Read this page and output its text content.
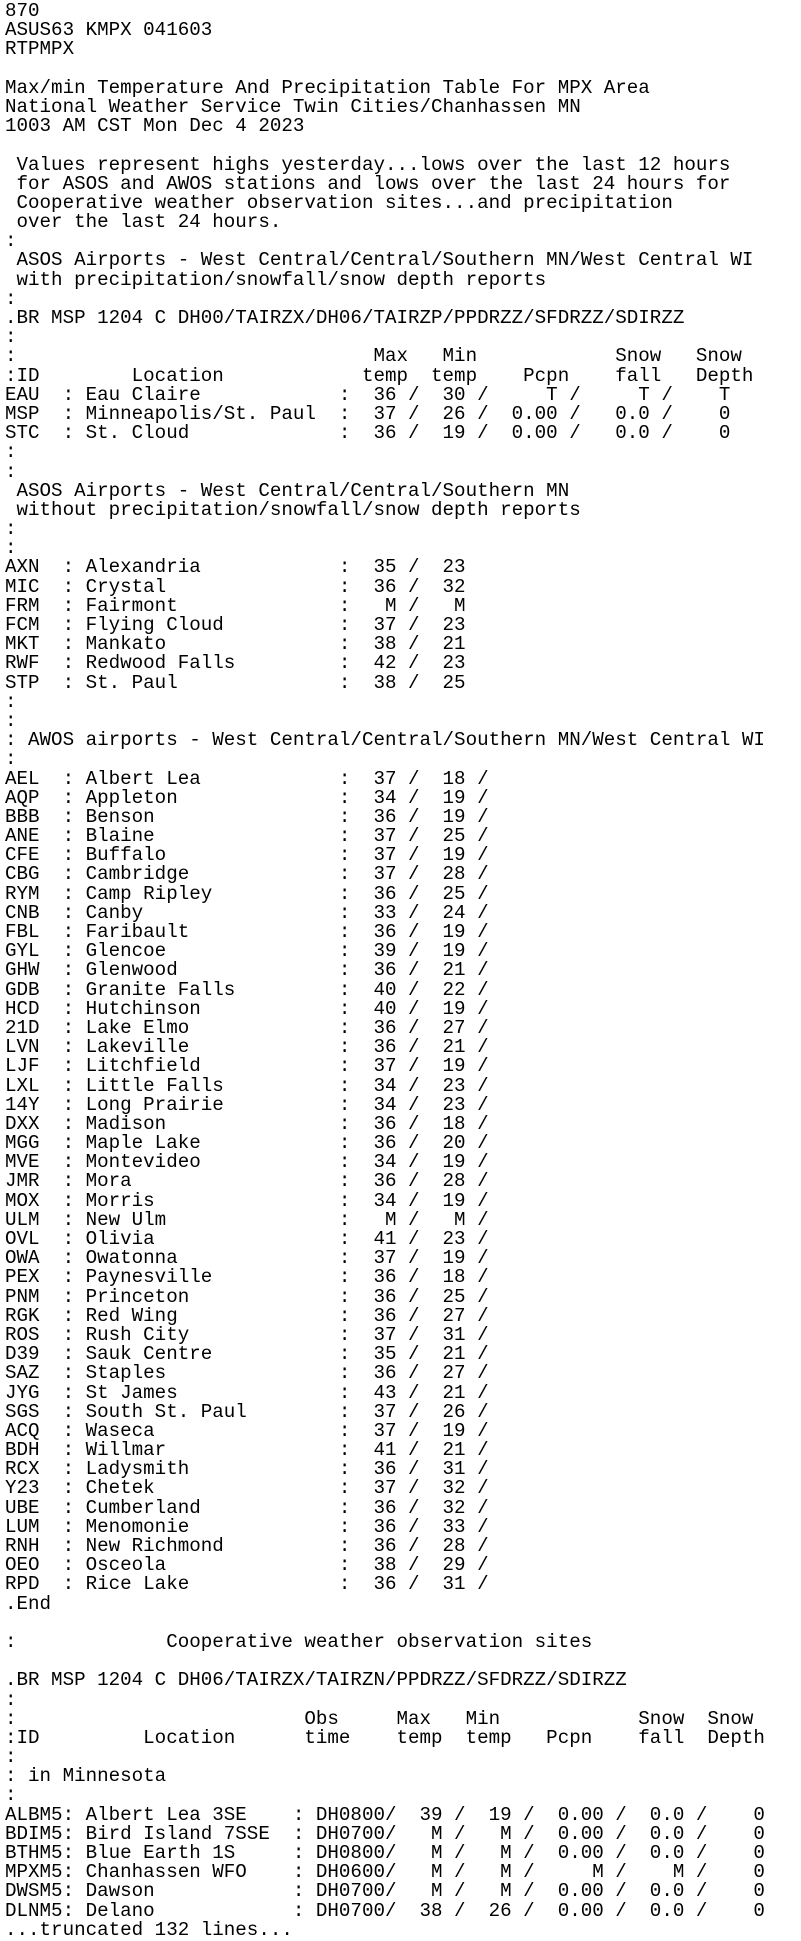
870
ASUS63 KMPX 041603
RTPMPX
Max/min Temperature And Precipitation Table For MPX Area
National Weather Service Twin Cities/Chanhassen MN
1003 AM CST Mon Dec 4 2023
Values represent highs yesterday...lows over the last 12 hours
for ASOS and AWOS stations and lows over the last 24 hours for
Cooperative weather observation sites...and precipitation
over the last 24 hours.
:
ASOS Airports - West Central/Central/Southern MN/West Central WI
with precipitation/snowfall/snow depth reports
:
.BR MSP 1204 C DH00/TAIRZX/DH06/TAIRZP/PPDRZZ/SFDRZZ/SDIRZZ
:
:                               Max   Min            Snow   Snow
:ID        Location            temp  temp    Pcpn    fall   Depth
EAU  : Eau Claire            :  36 /  30 /     T /     T /    T
MSP  : Minneapolis/St. Paul  :  37 /  26 /  0.00 /   0.0 /    0
STC  : St. Cloud             :  36 /  19 /  0.00 /   0.0 /    0
:
:
ASOS Airports - West Central/Central/Southern MN
without precipitation/snowfall/snow depth reports
:
:
AXN  : Alexandria            :  35 /  23
MIC  : Crystal               :  36 /  32
FRM  : Fairmont              :   M /   M
FCM  : Flying Cloud          :  37 /  23
MKT  : Mankato               :  38 /  21
RWF  : Redwood Falls         :  42 /  23
STP  : St. Paul              :  38 /  25
:
:
: AWOS airports - West Central/Central/Southern MN/West Central WI
:
AEL  : Albert Lea            :  37 /  18 /
AQP  : Appleton              :  34 /  19 /
BBB  : Benson                :  36 /  19 /
ANE  : Blaine                :  37 /  25 /
CFE  : Buffalo               :  37 /  19 /
CBG  : Cambridge             :  37 /  28 /
RYM  : Camp Ripley           :  36 /  25 /
CNB  : Canby                 :  33 /  24 /
FBL  : Faribault             :  36 /  19 /
GYL  : Glencoe               :  39 /  19 /
GHW  : Glenwood              :  36 /  21 /
GDB  : Granite Falls         :  40 /  22 /
HCD  : Hutchinson            :  40 /  19 /
21D  : Lake Elmo             :  36 /  27 /
LVN  : Lakeville             :  36 /  21 /
LJF  : Litchfield            :  37 /  19 /
LXL  : Little Falls          :  34 /  23 /
14Y  : Long Prairie          :  34 /  23 /
DXX  : Madison               :  36 /  18 /
MGG  : Maple Lake            :  36 /  20 /
MVE  : Montevideo            :  34 /  19 /
JMR  : Mora                  :  36 /  28 /
MOX  : Morris                :  34 /  19 /
ULM  : New Ulm               :   M /   M /
OVL  : Olivia                :  41 /  23 /
OWA  : Owatonna              :  37 /  19 /
PEX  : Paynesville           :  36 /  18 /
PNM  : Princeton             :  36 /  25 /
RGK  : Red Wing              :  36 /  27 /
ROS  : Rush City             :  37 /  31 /
D39  : Sauk Centre           :  35 /  21 /
SAZ  : Staples               :  36 /  27 /
JYG  : St James              :  43 /  21 /
SGS  : South St. Paul        :  37 /  26 /
ACQ  : Waseca                :  37 /  19 /
BDH  : Willmar               :  41 /  21 /
RCX  : Ladysmith             :  36 /  31 /
Y23  : Chetek                :  37 /  32 /
UBE  : Cumberland            :  36 /  32 /
LUM  : Menomonie             :  36 /  33 /
RNH  : New Richmond          :  36 /  28 /
OEO  : Osceola               :  38 /  29 /
RPD  : Rice Lake             :  36 /  31 /
.End
:             Cooperative weather observation sites
.BR MSP 1204 C DH06/TAIRZX/TAIRZN/PPDRZZ/SFDRZZ/SDIRZZ
:
:                         Obs     Max   Min            Snow  Snow
:ID         Location      time    temp  temp   Pcpn    fall  Depth
:
: in Minnesota
:
ALBM5: Albert Lea 3SE    : DH0800/  39 /  19 /  0.00 /  0.0 /    0
BDIM5: Bird Island 7SSE  : DH0700/   M /   M /  0.00 /  0.0 /    0
BTHM5: Blue Earth 1S     : DH0800/   M /   M /  0.00 /  0.0 /    0
MPXM5: Chanhassen WFO    : DH0600/   M /   M /     M /    M /    0
DWSM5: Dawson            : DH0700/   M /   M /  0.00 /  0.0 /    0
DLNM5: Delano            : DH0700/  38 /  26 /  0.00 /  0.0 /    0
...truncated 132 lines...
